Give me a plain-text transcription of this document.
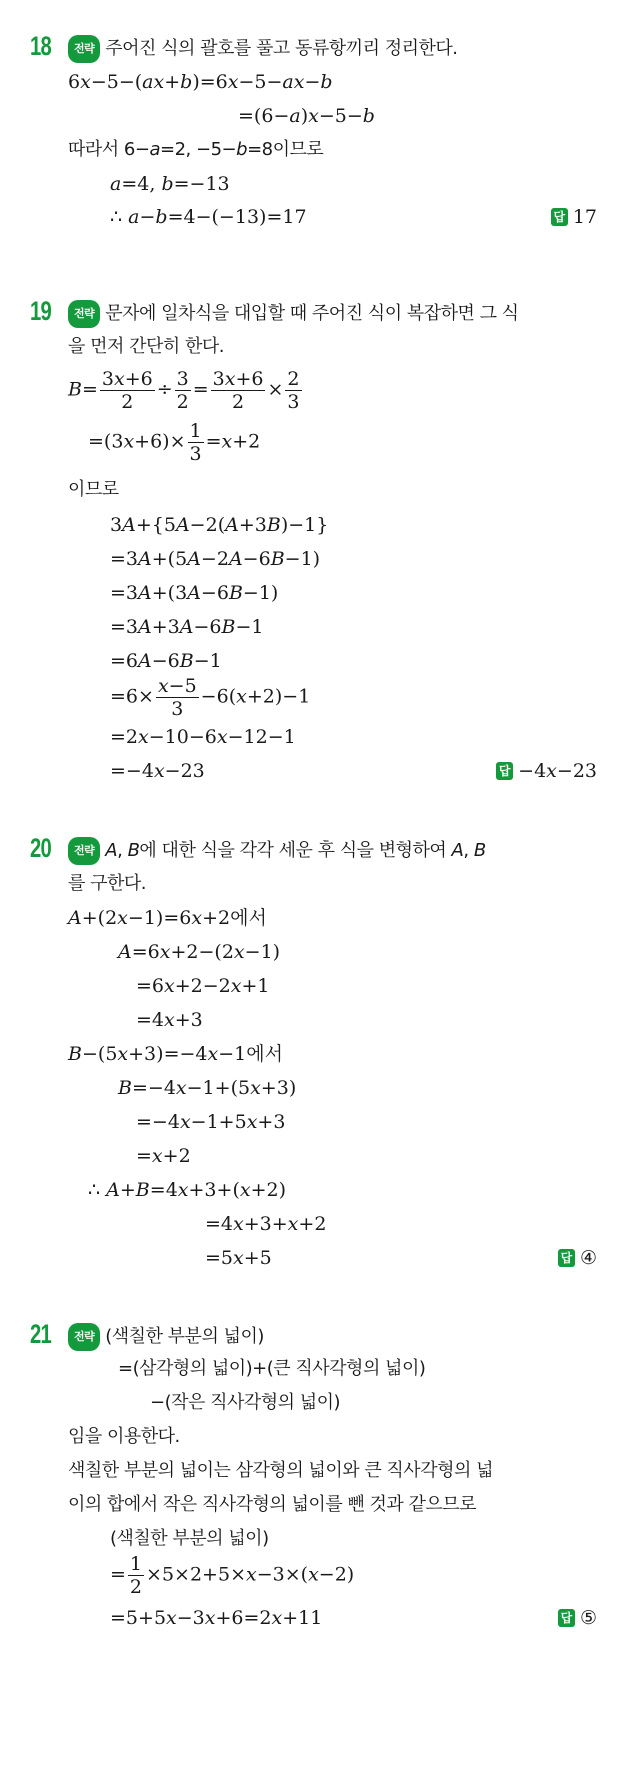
18	전략 주어진 식의 괄호를 풀고 동류항끼리 정리한다.
6x−5−(ax+b)=6x−5−ax−b
=(6−a)x−5−b
따라서 6−a=2, −5−b=8이므로
a=4, b=−13
∴ a−b=4−(−13)=17	답 17
19	전략 문자에 일차식을 대입할 때 주어진 식이 복잡하면 그 식
을 먼저 간단히 한다.
$B= \frac{3x+6}{2} \div \frac{3}{2} = \frac{3x+6}{2} \times \frac{2}{3}$
$=(3x+6)\times \frac{1}{3} =x+2$
이므로
3A+{5A−2(A+3B)−1}
=3A+(5A−2A−6B−1)
=3A+(3A−6B−1)
=3A+3A−6B−1
=6A−6B−1
$=6\times \frac{x-5}{3} -6(x+2)-1$
=2x−10−6x−12−1
=−4x−23	답 −4x−23
20	전략 A, B에 대한 식을 각각 세운 후 식을 변형하여 A, B
를 구한다.
A+(2x−1)=6x+2에서
A=6x+2−(2x−1)
=6x+2−2x+1
=4x+3
B−(5x+3)=−4x−1에서
B=−4x−1+(5x+3)
=−4x−1+5x+3
=x+2
∴ A+B=4x+3+(x+2)
=4x+3+x+2
=5x+5	답 ④
21	전략 (색칠한 부분의 넓이)
=(삼각형의 넓이)+(큰 직사각형의 넓이)
−(작은 직사각형의 넓이)
임을 이용한다.
색칠한 부분의 넓이는 삼각형의 넓이와 큰 직사각형의 넓
이의 합에서 작은 직사각형의 넓이를 뺀 것과 같으므로
(색칠한 부분의 넓이)
= $\frac{1}{2} \times 5\times 2+5\times x-3\times(x-2)$
=5+5x−3x+6=2x+11	답 ⑤
